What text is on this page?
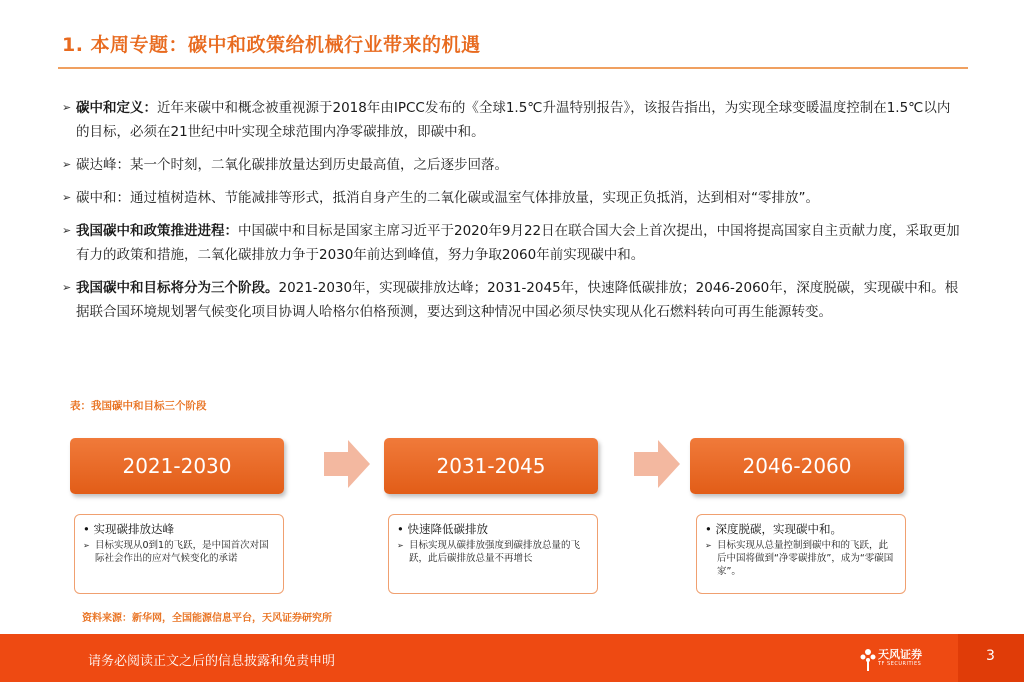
1. 本周专题：碳中和政策给机械行业带来的机遇
➢ 碳中和定义：近年来碳中和概念被重视源于2018年由IPCC发布的《全球1.5℃升温特别报告》，该报告指出，为实现全球变暖温度控制在1.5℃以内的目标，必须在21世纪中叶实现全球范围内净零碳排放，即碳中和。
➢ 碳达峰：某一个时刻，二氧化碳排放量达到历史最高值，之后逐步回落。
➢ 碳中和：通过植树造林、节能减排等形式，抵消自身产生的二氧化碳或温室气体排放量，实现正负抵消，达到相对“零排放”。
➢ 我国碳中和政策推进进程：中国碳中和目标是国家主席习近平于2020年9月22日在联合国大会上首次提出，中国将提高国家自主贡献力度，采取更加有力的政策和措施，二氧化碳排放力争于2030年前达到峰值，努力争取2060年前实现碳中和。
➢ 我国碳中和目标将分为三个阶段。2021-2030年，实现碳排放达峰；2031-2045年，快速降低碳排放；2046-2060年，深度脱碳，实现碳中和。根据联合国环境规划署气候变化项目协调人哈格尔伯格预测，要达到这种情况中国必须尽快实现从化石燃料转向可再生能源转变。
表：我国碳中和目标三个阶段
2021-2030	2031-2045	2046-2060
• 实现碳排放达峰
➢ 目标实现从0到1的飞跃，是中国首次对国际社会作出的应对气候变化的承诺
• 快速降低碳排放
➢ 目标实现从碳排放强度到碳排放总量的飞跃，此后碳排放总量不再增长
• 深度脱碳，实现碳中和。
➢ 目标实现从总量控制到碳中和的飞跃，此后中国将做到“净零碳排放”，成为“零碳国家”。
资料来源：新华网，全国能源信息平台，天风证券研究所
请务必阅读正文之后的信息披露和免责申明	天风证券
TF SECURITIES	3
